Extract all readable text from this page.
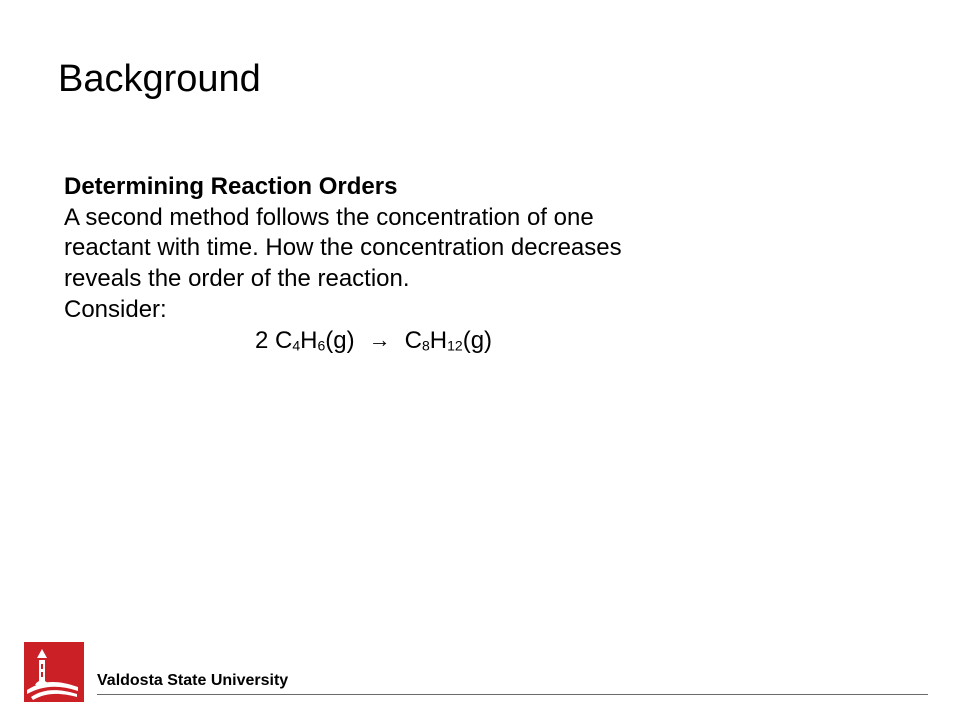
Background
Determining Reaction Orders
A second method follows the concentration of one
reactant with time. How the concentration decreases
reveals the order of the reaction.
Consider:
2 $C_4H_6(g) \to C_8H_{12}(g)$
Valdosta State University
